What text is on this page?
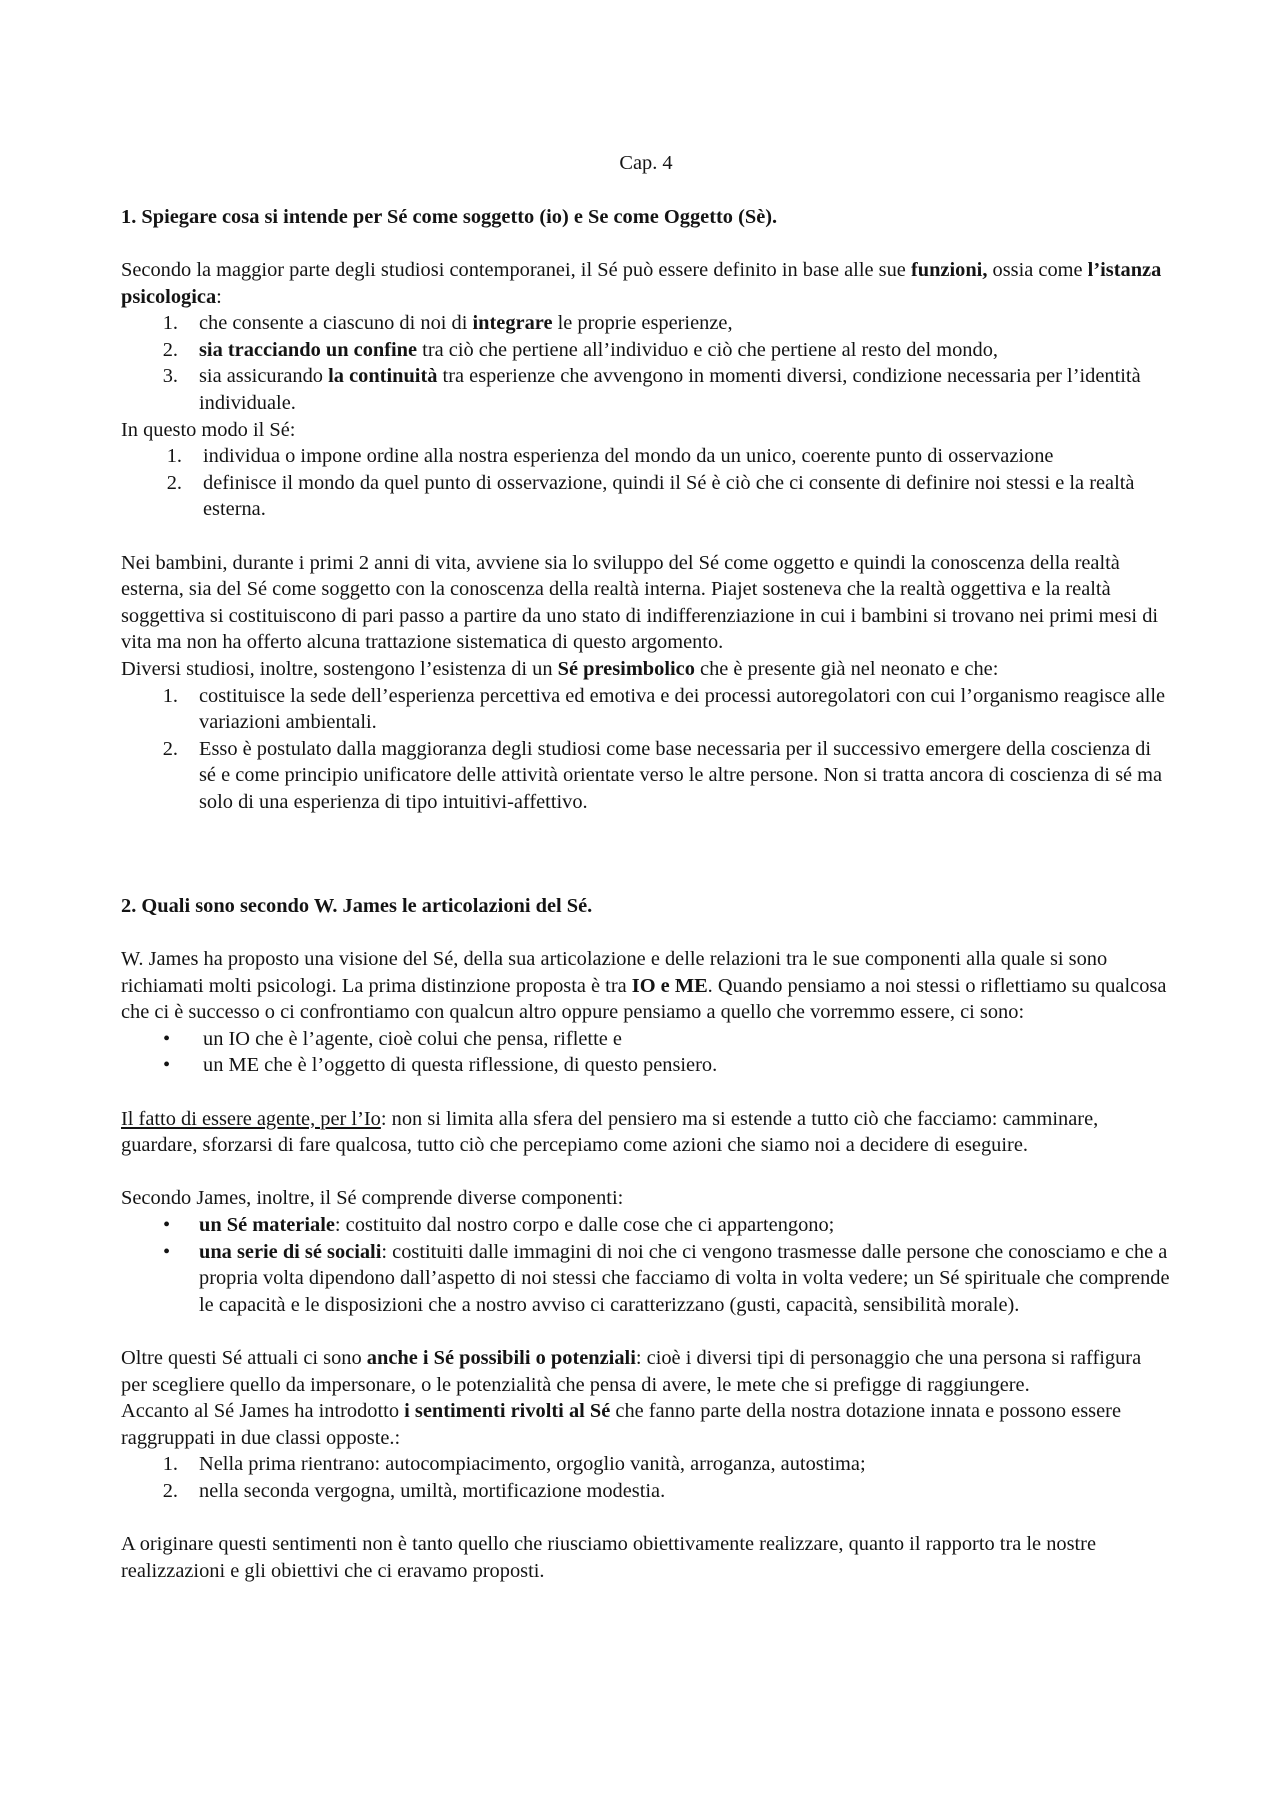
Cap. 4

1. Spiegare cosa si intende per Sé come soggetto (io) e Se come Oggetto (Sè).

Secondo la maggior parte degli studiosi contemporanei, il Sé può essere definito in base alle sue funzioni, ossia come l’istanza psicologica:

1.	che consente a ciascuno di noi di integrare le proprie esperienze,
2.	sia tracciando un confine tra ciò che pertiene all’individuo e ciò che pertiene al resto del mondo,
3.	sia assicurando la continuità tra esperienze che avvengono in momenti diversi, condizione necessaria per l’identità individuale.

In questo modo il Sé:

1.	individua o impone ordine alla nostra esperienza del mondo da un unico, coerente punto di osservazione
2.	definisce il mondo da quel punto di osservazione, quindi il Sé è ciò che ci consente di definire noi stessi e la realtà esterna.

Nei bambini, durante i primi 2 anni di vita, avviene sia lo sviluppo del Sé come oggetto e quindi la conoscenza della realtà esterna, sia del Sé come soggetto con la conoscenza della realtà interna. Piajet sosteneva che la realtà oggettiva e la realtà soggettiva si costituiscono di pari passo a partire da uno stato di indifferenziazione in cui i bambini si trovano nei primi mesi di vita ma non ha offerto alcuna trattazione sistematica di questo argomento.

Diversi studiosi, inoltre, sostengono l’esistenza di un Sé presimbolico che è presente già nel neonato e che:

1.	costituisce la sede dell’esperienza percettiva ed emotiva e dei processi autoregolatori con cui l’organismo reagisce alle variazioni ambientali.
2.	Esso è postulato dalla maggioranza degli studiosi come base necessaria per il successivo emergere della coscienza di sé e come principio unificatore delle attività orientate verso le altre persone. Non si tratta ancora di coscienza di sé ma solo di una esperienza di tipo intuitivi-affettivo.

2. Quali sono secondo W. James le articolazioni del Sé.

W. James ha proposto una visione del Sé, della sua articolazione e delle relazioni tra le sue componenti alla quale si sono richiamati molti psicologi. La prima distinzione proposta è tra IO e ME. Quando pensiamo a noi stessi o riflettiamo su qualcosa che ci è successo o ci confrontiamo con qualcun altro oppure pensiamo a quello che vorremmo essere, ci sono:

•	un IO che è l’agente, cioè colui che pensa, riflette e
•	un ME che è l’oggetto di questa riflessione, di questo pensiero.

Il fatto di essere agente, per l’Io: non si limita alla sfera del pensiero ma si estende a tutto ciò che facciamo: camminare, guardare, sforzarsi di fare qualcosa, tutto ciò che percepiamo come azioni che siamo noi a decidere di eseguire.

Secondo James, inoltre, il Sé comprende diverse componenti:

•	un Sé materiale: costituito dal nostro corpo e dalle cose che ci appartengono;
•	una serie di sé sociali: costituiti dalle immagini di noi che ci vengono trasmesse dalle persone che conosciamo e che a propria volta dipendono dall’aspetto di noi stessi che facciamo di volta in volta vedere; un Sé spirituale che comprende le capacità e le disposizioni che a nostro avviso ci caratterizzano (gusti, capacità, sensibilità morale).

Oltre questi Sé attuali ci sono anche i Sé possibili o potenziali: cioè i diversi tipi di personaggio che una persona si raffigura per scegliere quello da impersonare, o le potenzialità che pensa di avere, le mete che si prefigge di raggiungere.

Accanto al Sé James ha introdotto i sentimenti rivolti al Sé che fanno parte della nostra dotazione innata e possono essere raggruppati in due classi opposte.:

1.	Nella prima rientrano: autocompiacimento, orgoglio vanità, arroganza, autostima;
2.	nella seconda vergogna, umiltà, mortificazione modestia.

A originare questi sentimenti non è tanto quello che riusciamo obiettivamente realizzare, quanto il rapporto tra le nostre realizzazioni e gli obiettivi che ci eravamo proposti.
